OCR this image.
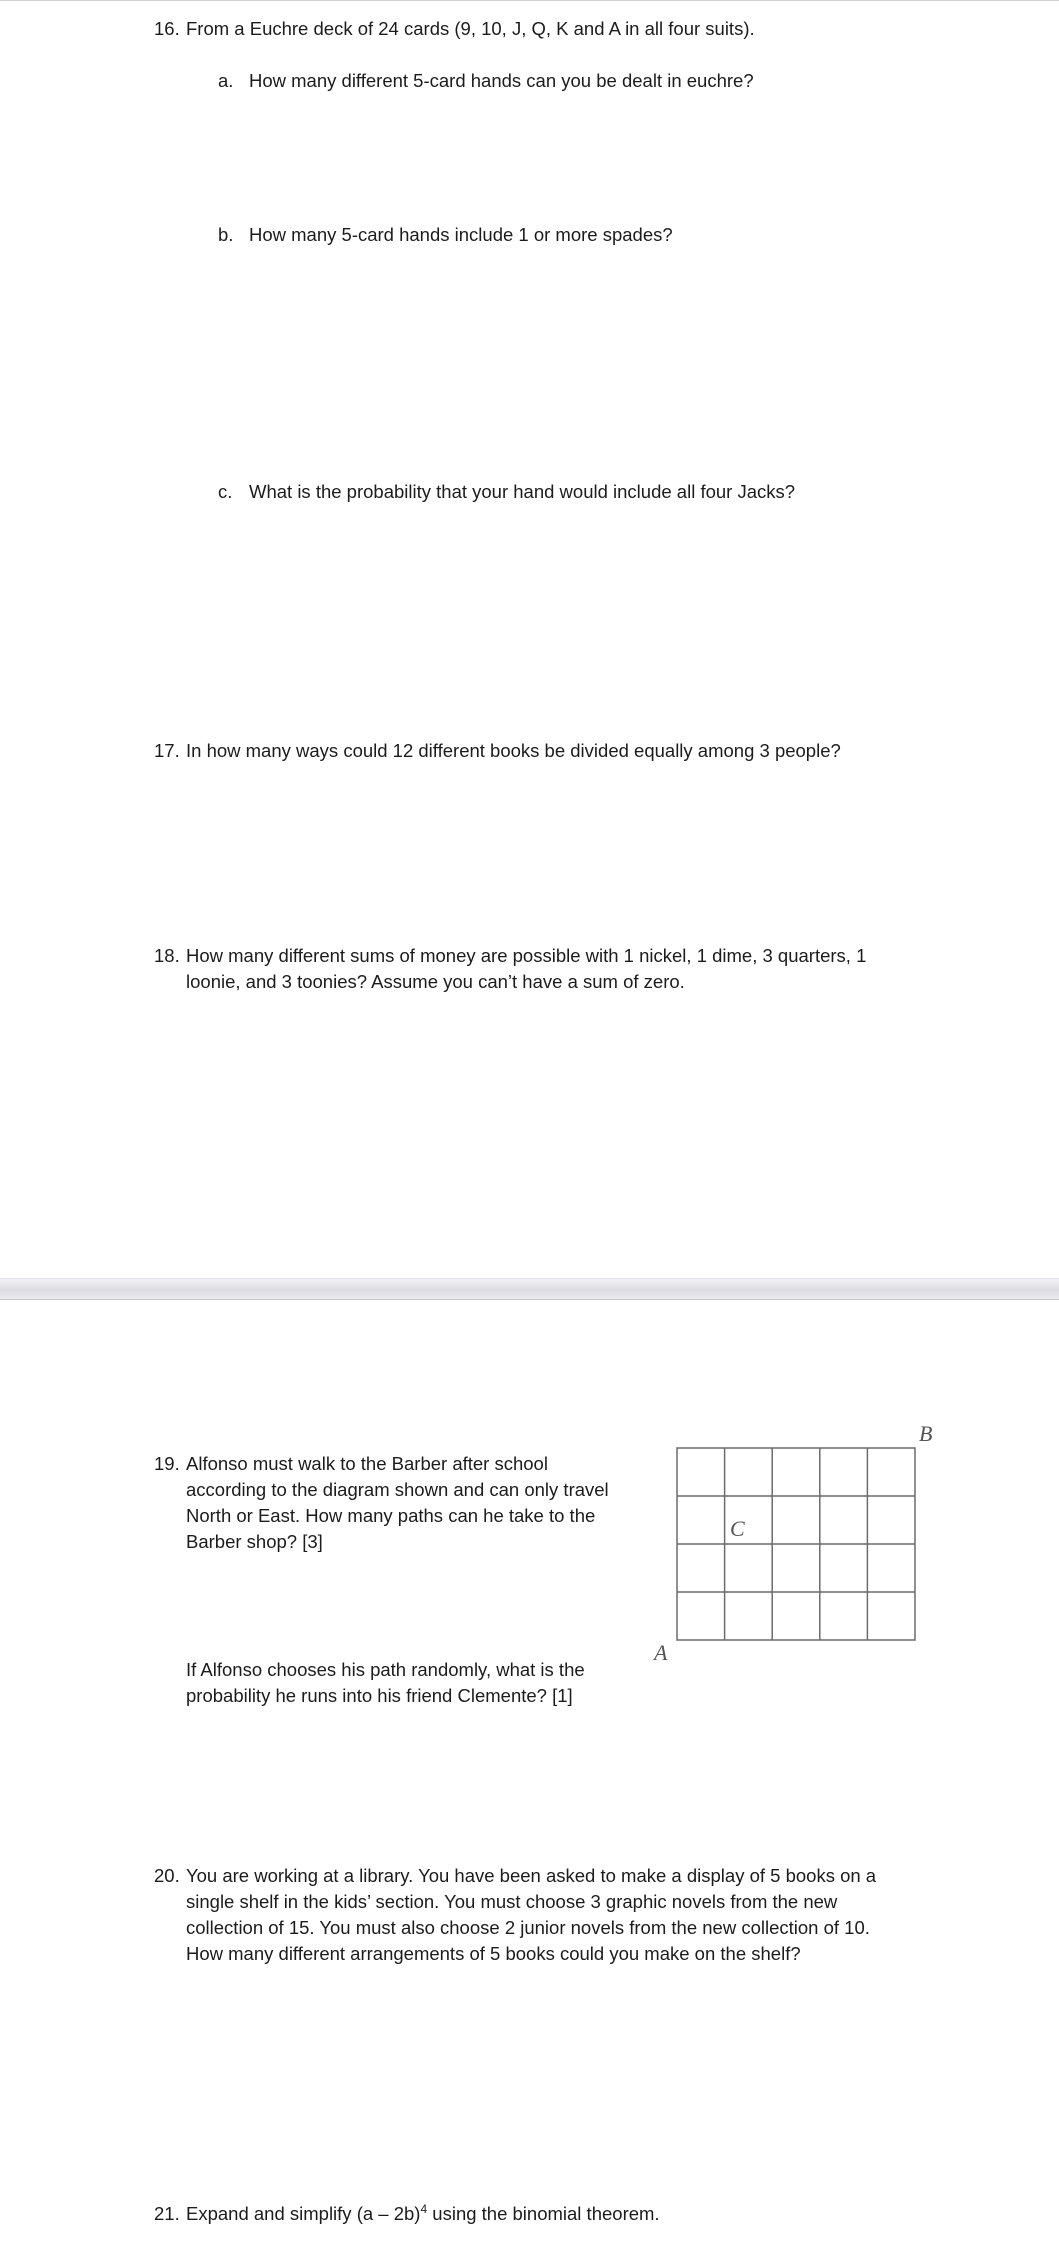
16. From a Euchre deck of 24 cards (9, 10, J, Q, K and A in all four suits).
a. How many different 5-card hands can you be dealt in euchre?
b. How many 5-card hands include 1 or more spades?
c. What is the probability that your hand would include all four Jacks?
17. In how many ways could 12 different books be divided equally among 3 people?
18. How many different sums of money are possible with 1 nickel, 1 dime, 3 quarters, 1
loonie, and 3 toonies? Assume you can’t have a sum of zero.
19. Alfonso must walk to the Barber after school
according to the diagram shown and can only travel
North or East. How many paths can he take to the
Barber shop? [3]
If Alfonso chooses his path randomly, what is the
probability he runs into his friend Clemente? [1]
B
C
A
20. You are working at a library. You have been asked to make a display of 5 books on a
single shelf in the kids’ section. You must choose 3 graphic novels from the new
collection of 15. You must also choose 2 junior novels from the new collection of 10.
How many different arrangements of 5 books could you make on the shelf?
21. Expand and simplify (a – 2b)$^4$ using the binomial theorem.
